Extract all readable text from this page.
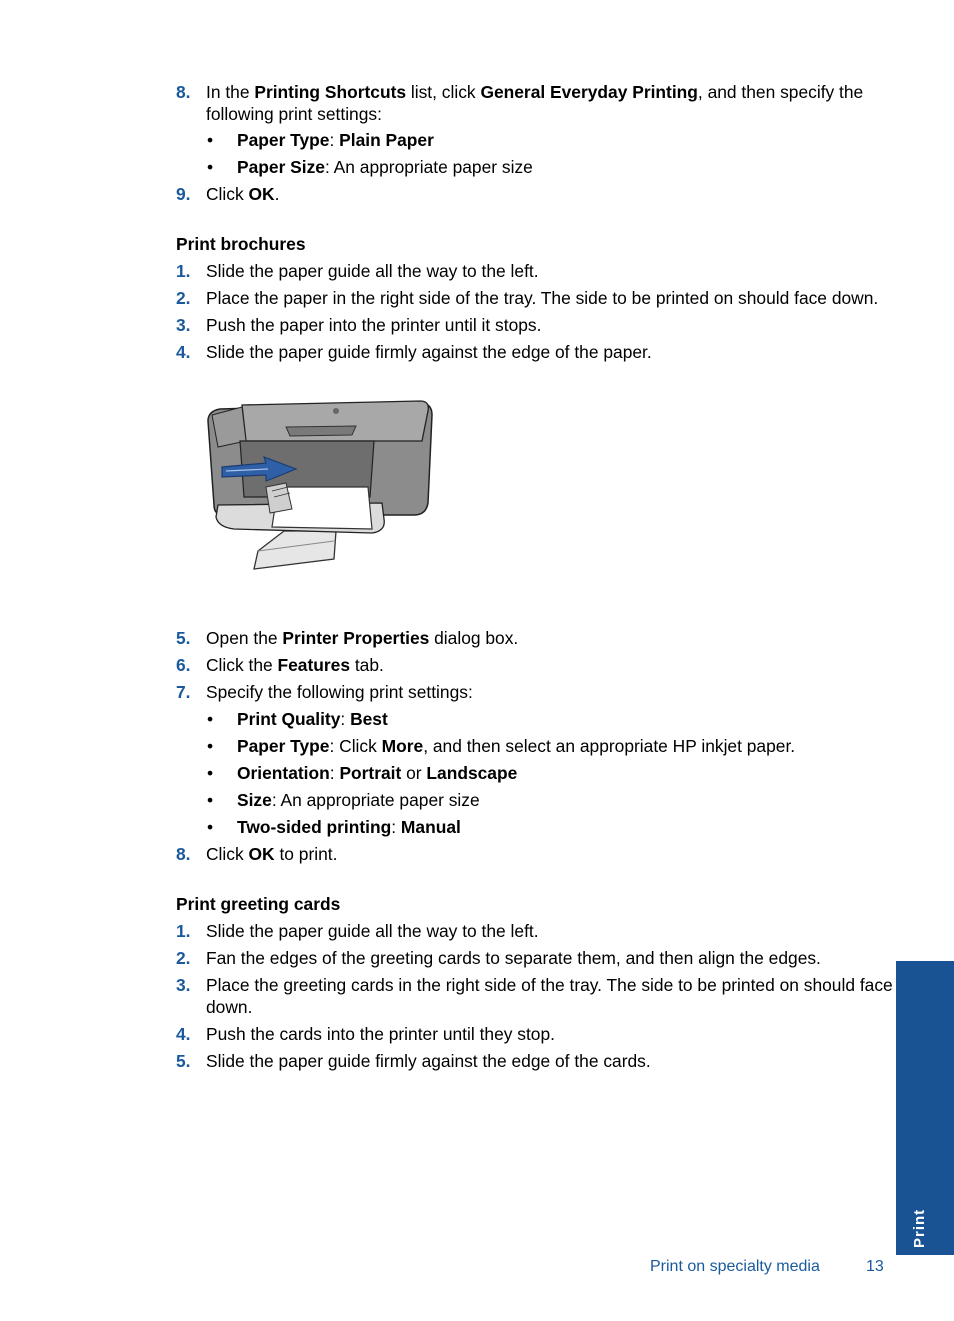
8. In the Printing Shortcuts list, click General Everyday Printing, and then specify the following print settings:
• Paper Type: Plain Paper
• Paper Size: An appropriate paper size
9. Click OK.
Print brochures
1. Slide the paper guide all the way to the left.
2. Place the paper in the right side of the tray. The side to be printed on should face down.
3. Push the paper into the printer until it stops.
4. Slide the paper guide firmly against the edge of the paper.
5. Open the Printer Properties dialog box.
6. Click the Features tab.
7. Specify the following print settings:
• Print Quality: Best
• Paper Type: Click More, and then select an appropriate HP inkjet paper.
• Orientation: Portrait or Landscape
• Size: An appropriate paper size
• Two-sided printing: Manual
8. Click OK to print.
Print greeting cards
1. Slide the paper guide all the way to the left.
2. Fan the edges of the greeting cards to separate them, and then align the edges.
3. Place the greeting cards in the right side of the tray. The side to be printed on should face down.
4. Push the cards into the printer until they stop.
5. Slide the paper guide firmly against the edge of the cards.
Print
Print on specialty media	13
